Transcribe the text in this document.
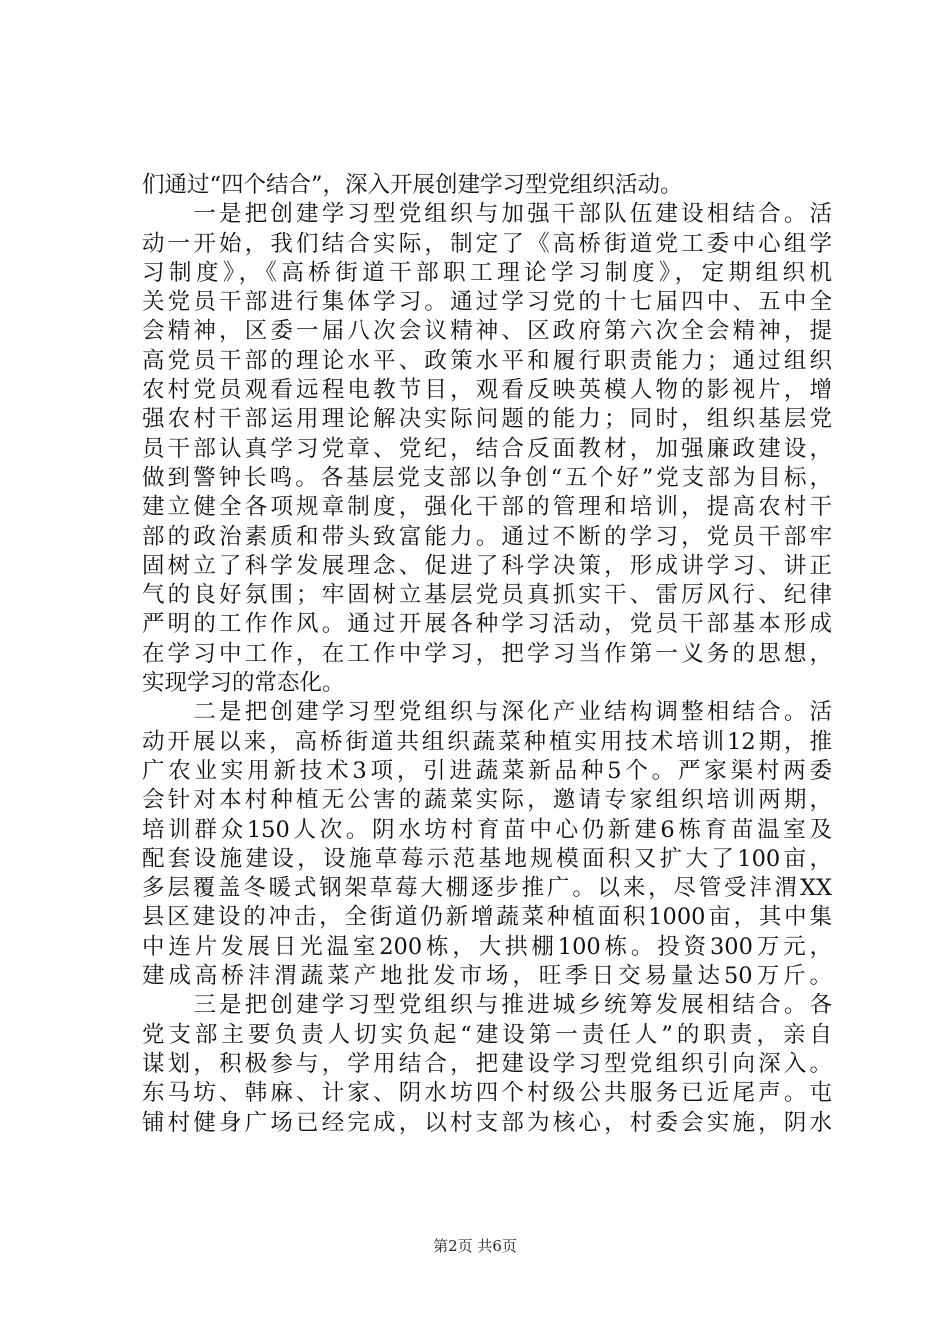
们通过“四个结合”，深入开展创建学习型党组织活动。
　　一是把创建学习型党组织与加强干部队伍建设相结合。活
动一开始，我们结合实际，制定了《高桥街道党工委中心组学
习制度》，《高桥街道干部职工理论学习制度》，定期组织机
关党员干部进行集体学习。通过学习党的十七届四中、五中全
会精神，区委一届八次会议精神、区政府第六次全会精神，提
高党员干部的理论水平、政策水平和履行职责能力；通过组织
农村党员观看远程电教节目，观看反映英模人物的影视片，增
强农村干部运用理论解决实际问题的能力；同时，组织基层党
员干部认真学习党章、党纪，结合反面教材，加强廉政建设，
做到警钟长鸣。各基层党支部以争创“五个好”党支部为目标，
建立健全各项规章制度，强化干部的管理和培训，提高农村干
部的政治素质和带头致富能力。通过不断的学习，党员干部牢
固树立了科学发展理念、促进了科学决策，形成讲学习、讲正
气的良好氛围；牢固树立基层党员真抓实干、雷厉风行、纪律
严明的工作作风。通过开展各种学习活动，党员干部基本形成
在学习中工作，在工作中学习，把学习当作第一义务的思想，
实现学习的常态化。
　　二是把创建学习型党组织与深化产业结构调整相结合。活
动开展以来，高桥街道共组织蔬菜种植实用技术培训12期，推
广农业实用新技术3项，引进蔬菜新品种5个。严家渠村两委
会针对本村种植无公害的蔬菜实际，邀请专家组织培训两期，
培训群众150人次。阴水坊村育苗中心仍新建6栋育苗温室及
配套设施建设，设施草莓示范基地规模面积又扩大了100亩，
多层覆盖冬暖式钢架草莓大棚逐步推广。以来，尽管受沣渭XX
县区建设的冲击，全街道仍新增蔬菜种植面积1000亩，其中集
中连片发展日光温室200栋，大拱棚100栋。投资300万元，
建成高桥沣渭蔬菜产地批发市场，旺季日交易量达50万斤。
　　三是把创建学习型党组织与推进城乡统筹发展相结合。各
党支部主要负责人切实负起“建设第一责任人”的职责，亲自
谋划，积极参与，学用结合，把建设学习型党组织引向深入。
东马坊、韩麻、计家、阴水坊四个村级公共服务已近尾声。屯
铺村健身广场已经完成，以村支部为核心，村委会实施，阴水
第2页 共6页
